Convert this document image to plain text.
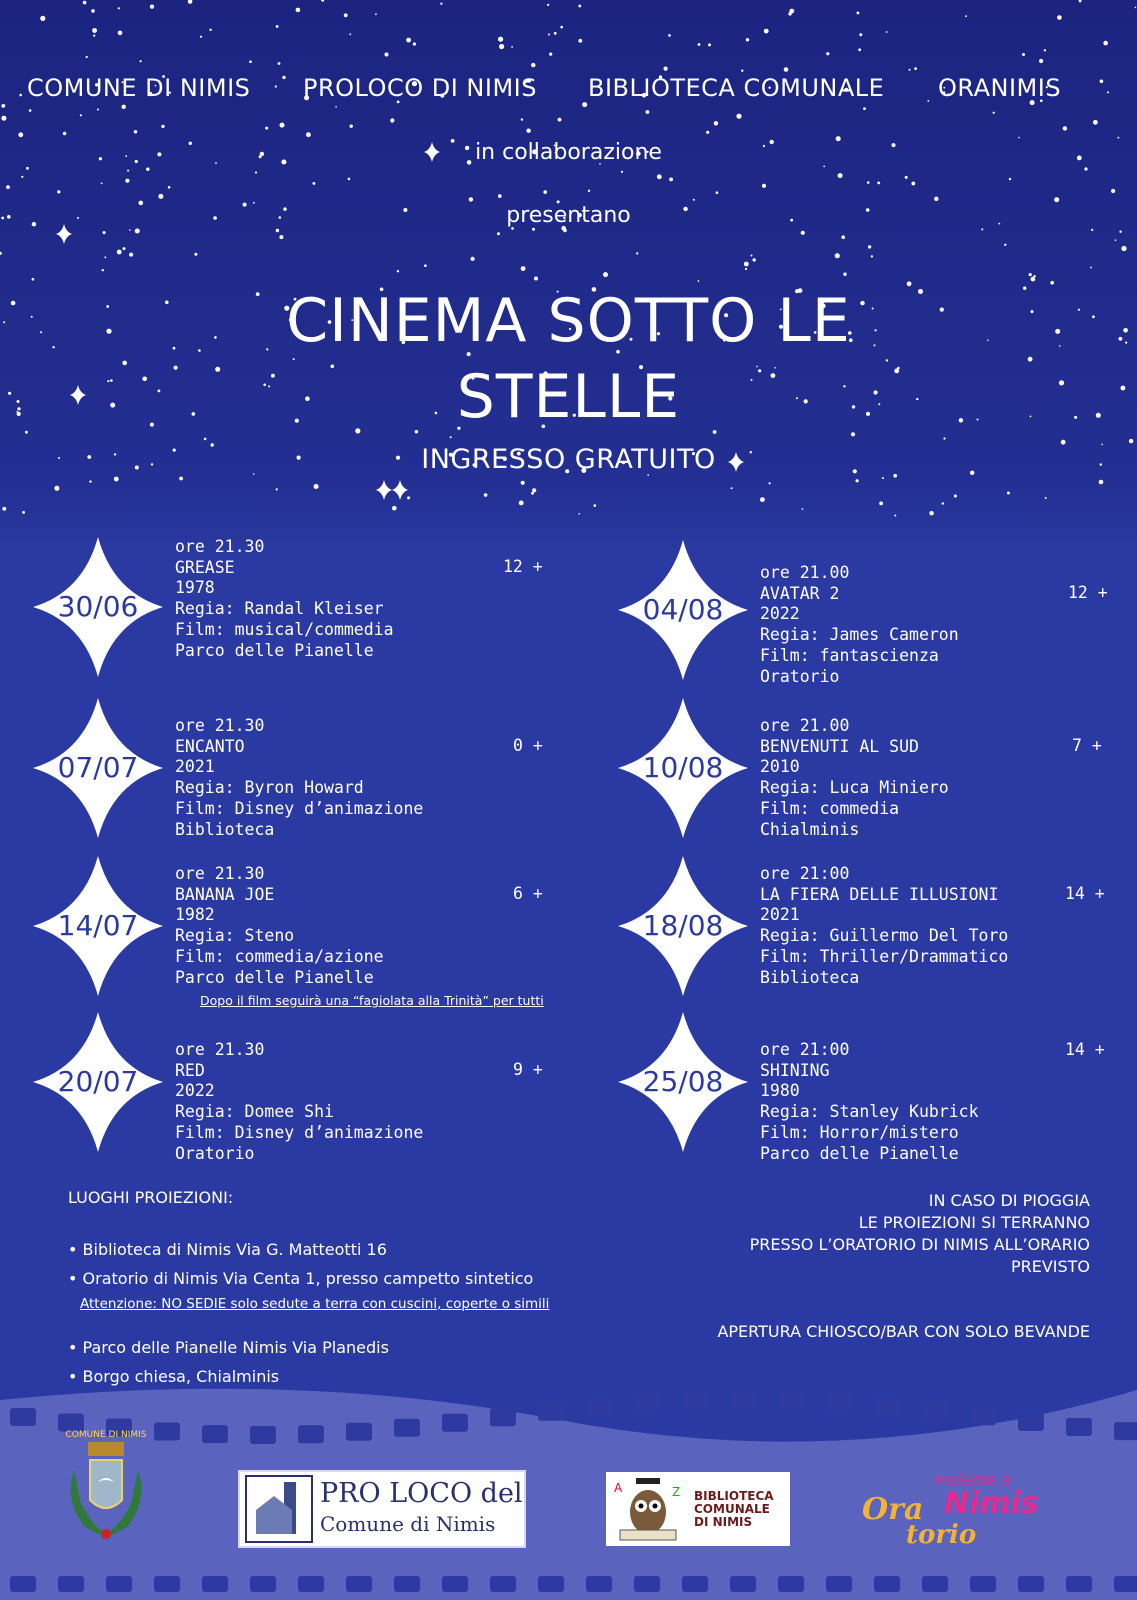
COMUNE DI NIMIS PROLOCO DI NIMIS BIBLIOTECA COMUNALE ORANIMIS
in collaborazione
presentano
CINEMA SOTTO LE
STELLE
INGRESSO GRATUITO
30/06
ore 21.30
GREASE
1978
Regia: Randal Kleiser
Film: musical/commedia
Parco delle Pianelle
12 +
07/07
ore 21.30
ENCANTO
2021
Regia: Byron Howard
Film: Disney d’animazione
Biblioteca
0 +
14/07
ore 21.30
BANANA JOE
1982
Regia: Steno
Film: commedia/azione
Parco delle Pianelle
6 +
20/07
ore 21.30
RED
2022
Regia: Domee Shi
Film: Disney d’animazione
Oratorio
9 +
Dopo il film seguirà una “fagiolata alla Trinità” per tutti
04/08
ore 21.00
AVATAR 2
2022
Regia: James Cameron
Film: fantascienza
Oratorio
12 +
10/08
ore 21.00
BENVENUTI AL SUD
2010
Regia: Luca Miniero
Film: commedia
Chialminis
7 +
18/08
ore 21:00
LA FIERA DELLE ILLUSIONI
2021
Regia: Guillermo Del Toro
Film: Thriller/Drammatico
Biblioteca
14 +
25/08
ore 21:00
SHINING
1980
Regia: Stanley Kubrick
Film: Horror/mistero
Parco delle Pianelle
14 +
LUOGHI PROIEZIONI:
• Biblioteca di Nimis Via G. Matteotti 16
• Oratorio di Nimis Via Centa 1, presso campetto sintetico
Attenzione: NO SEDIE solo sedute a terra con cuscini, coperte o simili
• Parco delle Pianelle Nimis Via Planedis
• Borgo chiesa, Chialminis
IN CASO DI PIOGGIA
LE PROIEZIONI SI TERRANNO
PRESSO L’ORATORIO DI NIMIS ALL’ORARIO
PREVISTO
APERTURA CHIOSCO/BAR CON SOLO BEVANDE
COMUNE DI NIMIS
PRO LOCO del
Comune di Nimis
A	Z BIBLIOTECA
COMUNALE
DI NIMIS
insieme a
Ora Nimis
torio
